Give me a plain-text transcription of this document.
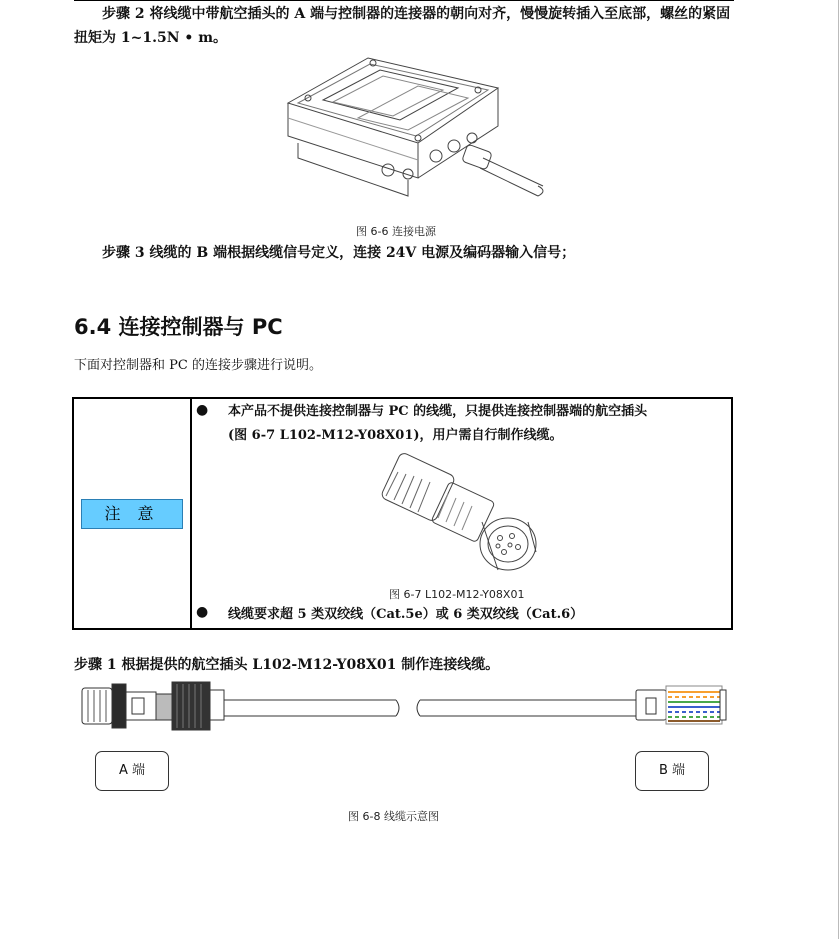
步骤 2 将线缆中带航空插头的 A 端与控制器的连接器的朝向对齐，慢慢旋转插入至底部，螺丝的紧固扭矩为 1~1.5N • m。

图 6-6 连接电源

步骤 3 线缆的 B 端根据线缆信号定义，连接 24V 电源及编码器输入信号；

6.4 连接控制器与 PC

下面对控制器和 PC 的连接步骤进行说明。

注 意
● 本产品不提供连接控制器与 PC 的线缆，只提供连接控制器端的航空插头
(图 6-7 L102-M12-Y08X01)，用户需自行制作线缆。
图 6-7 L102-M12-Y08X01
● 线缆要求超 5 类双绞线（Cat.5e）或 6 类双绞线（Cat.6）

步骤 1 根据提供的航空插头 L102-M12-Y08X01 制作连接线缆。

A 端	B 端
图 6-8 线缆示意图
